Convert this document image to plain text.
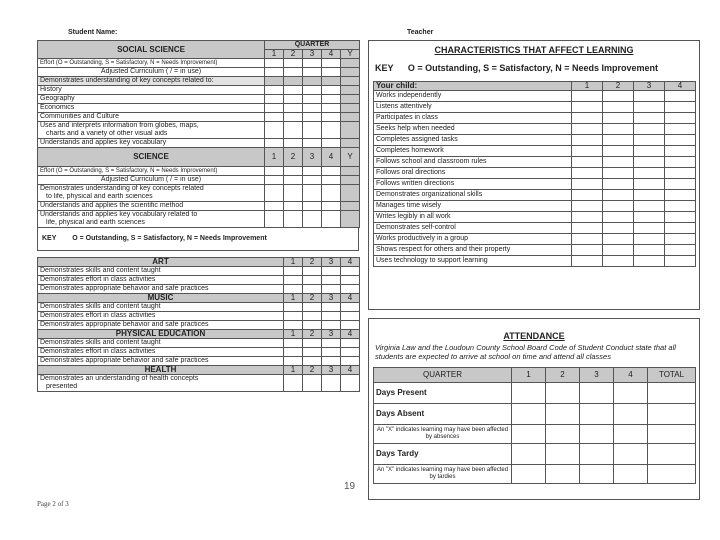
Student Name:	Teacher
SOCIAL SCIENCE	QUARTER				
	1	2	3	4	Y
Effort (O = Outstanding, S = Satisfactory, N = Needs Improvement)					
Adjusted Curriculum ( / = in use)					
Demonstrates understanding of key concepts related to:					
History					
Geography					
Economics					
Communities and Culture					
Uses and interprets information from globes, maps,					
charts and a variety of other visual aids					
Understands and applies key vocabulary					
SCIENCE	1	2	3	4	Y
Effort (O = Outstanding, S = Satisfactory, N = Needs Improvement)					
Adjusted Curriculum ( / = in use)					
Demonstrates understanding of key concepts related					
to life, physical and earth sciences					
Understands and applies the scientific method					
Understands and applies key vocabulary related to					
life, physical and earth sciences					
KEY O = Outstanding, S = Satisfactory, N = Needs Improvement
ART	1	2	3	4
Demonstrates skills and content taught				
Demonstrates effort in class activities				
Demonstrates appropriate behavior and safe practices				
MUSIC	1	2	3	4
Demonstrates skills and content taught				
Demonstrates effort in class activities				
Demonstrates appropriate behavior and safe practices				
PHYSICAL EDUCATION	1	2	3	4
Demonstrates skills and content taught				
Demonstrates effort in class activities				
Demonstrates appropriate behavior and safe practices				
HEALTH	1	2	3	4
Demonstrates an understanding of health concepts				
presented				
19
Page 2 of 3
CHARACTERISTICS THAT AFFECT LEARNING
KEY O = Outstanding, S = Satisfactory, N = Needs Improvement
Your child:	1	2	3	4
Works independently				
Listens attentively				
Participates in class				
Seeks help when needed				
Completes assigned tasks				
Completes homework				
Follows school and classroom rules				
Follows oral directions				
Follows written directions				
Demonstrates organizational skills				
Manages time wisely				
Writes legibly in all work				
Demonstrates self-control				
Works productively in a group				
Shows respect for others and their property				
Uses technology to support learning				
ATTENDANCE
Virginia Law and the Loudoun County School Board Code of Student Conduct state that all students are expected to arrive at school on time and attend all classes
QUARTER	1	2	3	4	TOTAL
Days Present					
Days Absent					
An "X" indicates learning may have been affected by absences					
Days Tardy					
An "X" indicates learning may have been affected by tardies					
